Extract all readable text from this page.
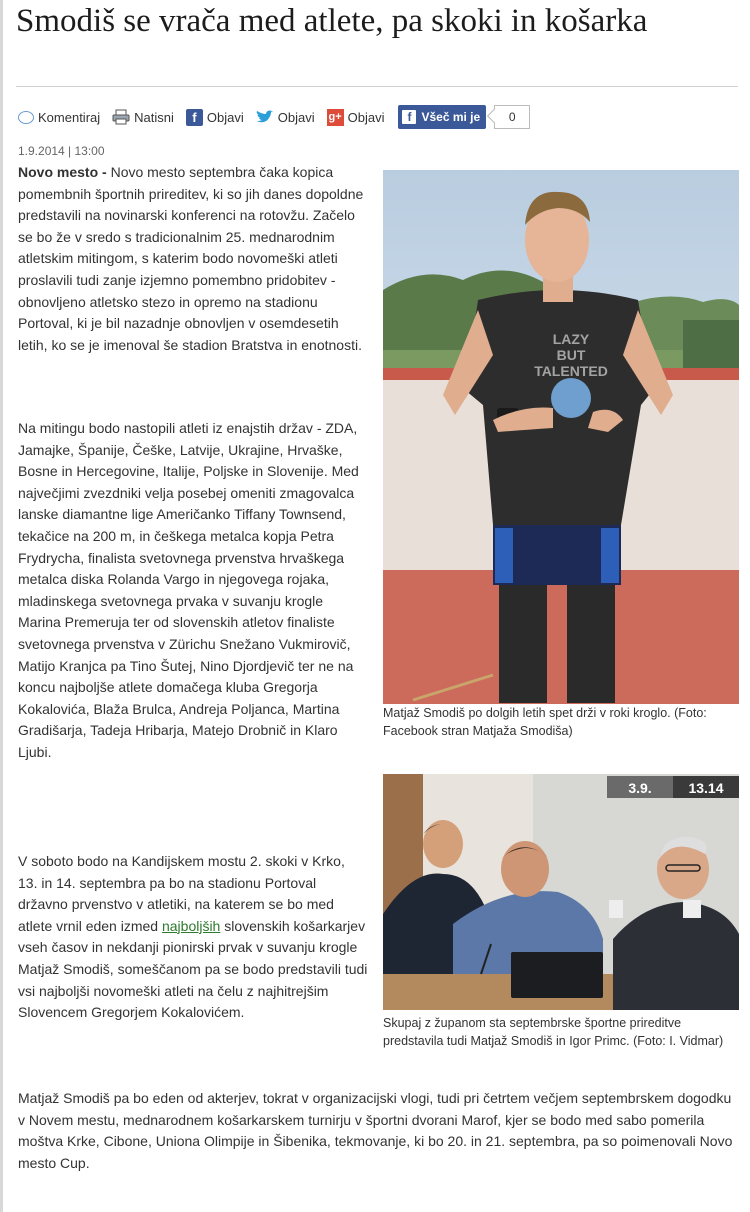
Smodiš se vrača med atlete, pa skoki in košarka
Komentiraj	Natisni	f Objavi	Objavi g+ Objavi	f Všeč mi je	0
1.9.2014 | 13:00

Novo mesto - Novo mesto septembra čaka kopica pomembnih športnih prireditev, ki so jih danes dopoldne predstavili na novinarski konferenci na rotovžu. Začelo se bo že v sredo s tradicionalnim 25. mednarodnim atletskim mitingom, s katerim bodo novomeški atleti proslavili tudi zanje izjemno pomembno pridobitev - obnovljeno atletsko stezo in opremo na stadionu Portoval, ki je bil nazadnje obnovljen v osemdesetih letih, ko se je imenoval še stadion Bratstva in enotnosti.

Na mitingu bodo nastopili atleti iz enajstih držav - ZDA, Jamajke, Španije, Češke, Latvije, Ukrajine, Hrvaške, Bosne in Hercegovine, Italije, Poljske in Slovenije. Med največjimi zvezdniki velja posebej omeniti zmagovalca lanske diamantne lige Američanko Tiffany Townsend, tekačice na 200 m, in češkega metalca kopja Petra Frydrycha, finalista svetovnega prvenstva hrvaškega metalca diska Rolanda Vargo in njegovega rojaka, mladinskega svetovnega prvaka v suvanju krogle Marina Premeruja ter od slovenskih atletov finaliste svetovnega prvenstva v Zürichu Snežano Vukmirovič, Matijo Kranjca pa Tino Šutej, Nino Djordjevič ter ne na koncu najboljše atlete domačega kluba Gregorja Kokalovića, Blaža Brulca, Andreja Poljanca, Martina Gradišarja, Tadeja Hribarja, Matejo Drobnič in Klaro Ljubi.

V soboto bodo na Kandijskem mostu 2. skoki v Krko, 13. in 14. septembra pa bo na stadionu Portoval državno prvenstvo v atletiki, na katerem se bo med atlete vrnil eden izmed najboljših slovenskih košarkarjev vseh časov in nekdanji pionirski prvak v suvanju krogle Matjaž Smodiš, someščanom pa se bodo predstavili tudi vsi najboljši novomeški atleti na čelu z najhitrejšim Slovencem Gregorjem Kokalovićem.

Matjaž Smodiš pa bo eden od akterjev, tokrat v organizacijski vlogi, tudi pri četrtem večjem septembrskem dogodku v Novem mestu, mednarodnem košarkarskem turnirju v športni dvorani Marof, kjer se bodo med sabo pomerila moštva Krke, Cibone, Uniona Olimpije in Šibenika, tekmovanje, ki bo 20. in 21. septembra, pa so poimenovali Novo mesto Cup.

LAZY
BUT
TALENTED
Matjaž Smodiš po dolgih letih spet drži v roki kroglo. (Foto: Facebook stran Matjaža Smodiša)
3.9.	13.14
Skupaj z županom sta septembrske športne prireditve predstavila tudi Matjaž Smodiš in Igor Primc. (Foto: I. Vidmar)
